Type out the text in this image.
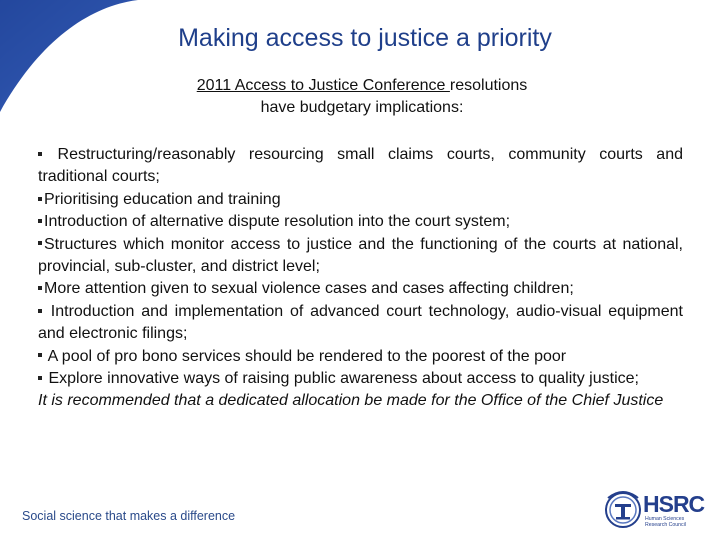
Making access to justice a priority
2011 Access to Justice Conference resolutions
have budgetary implications:

Restructuring/reasonably resourcing small claims courts, community courts and traditional courts;

Prioritising education and training

Introduction of alternative dispute resolution into the court system;

Structures which monitor access to justice and the functioning of the courts at national, provincial, sub-cluster, and district level;

More attention given to sexual violence cases and cases affecting children;

Introduction and implementation of advanced court technology, audio-visual equipment and electronic filings;

A pool of pro bono services should be rendered to the poorest of the poor

Explore innovative ways of raising public awareness about access to quality justice;

It is recommended that a dedicated allocation be made for the Office of the Chief Justice

Social science that makes a difference	HSRC
Human Sciences
Research Council
